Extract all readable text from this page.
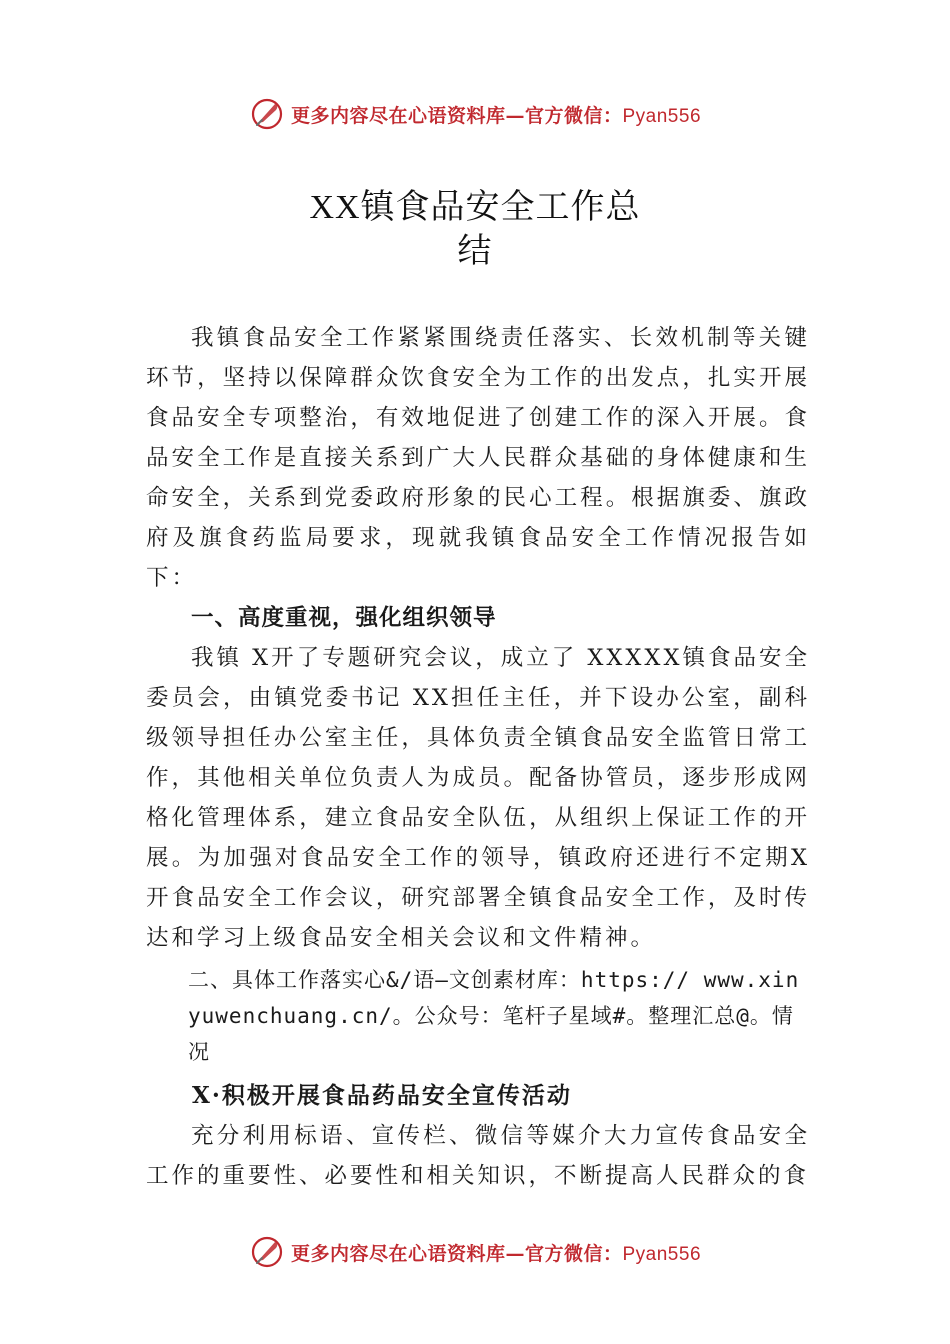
更多内容尽在心语资料库—官方微信：Pyan556
XX镇食品安全工作总
结

我镇食品安全工作紧紧围绕责任落实、长效机制等关键环节，坚持以保障群众饮食安全为工作的出发点，扎实开展食品安全专项整治，有效地促进了创建工作的深入开展。食品安全工作是直接关系到广大人民群众基础的身体健康和生命安全，关系到党委政府形象的民心工程。根据旗委、旗政府及旗食药监局要求，现就我镇食品安全工作情况报告如下：

一、高度重视，强化组织领导

我镇 X开了专题研究会议，成立了 XXXXX镇食品安全委员会，由镇党委书记 XX担任主任，并下设办公室，副科级领导担任办公室主任，具体负责全镇食品安全监管日常工作，其他相关单位负责人为成员。配备协管员，逐步形成网格化管理体系，建立食品安全队伍，从组织上保证工作的开展。为加强对食品安全工作的领导，镇政府还进行不定期X开食品安全工作会议，研究部署全镇食品安全工作，及时传达和学习上级食品安全相关会议和文件精神。

二、具体工作落实心&/语—文创素材库：https:// www.xinyuwenchuang.cn/。公众号：笔杆子星域#。整理汇总@。情况
X·积极开展食品药品安全宣传活动

充分利用标语、宣传栏、微信等媒介大力宣传食品安全工作的重要性、必要性和相关知识，不断提高人民群众的食

更多内容尽在心语资料库—官方微信：Pyan556
